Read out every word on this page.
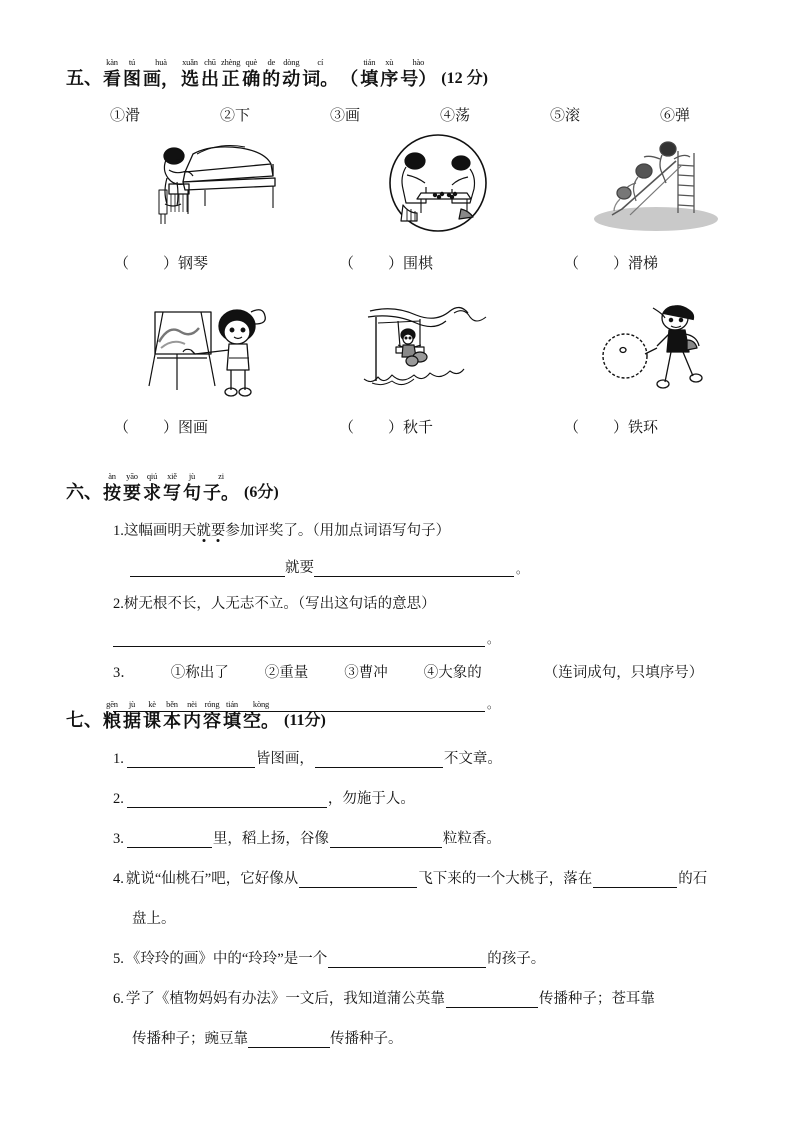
五、
kàn
看
tú
图
huà
画，
xuǎn
选
chū
出
zhèng
正
què
确
de
的
dòng
动
cí
词。 （
tián
填
xù
序
hào
号） (12 分)
①滑	②下	③画	④荡	⑤滚	⑥弹
（ ）钢琴	（ ）围棋	（ ）滑梯
（ ）图画	（ ）秋千	（ ）铁环
六、
àn
按
yāo
要
qiú
求
xiě
写
jù
句
zi
子。 (6分)
1.这幅画明天就要参加评奖了。（用加点词语写句子）
就要	。
2.树无根不长，人无志不立。（写出这句话的意思）
。
3． ①称出了 ②重量 ③曹冲 ④大象的	（连词成句，只填序号）
。
七、
gēn
粮
jù
据
kè
课
běn
本
nèi
内
róng
容
tián
填
kòng
空。 (11分)
1.	皆图画，	不文章。
2.	，勿施于人。
3.	里，稻上扬，谷像	粒粒香。
4. 就说“仙桃石”吧，它好像从	飞下来的一个大桃子，落在	的石
盘上。
5. 《玲玲的画》中的“玲玲”是一个	的孩子。
6. 学了《植物妈妈有办法》一文后，我知道蒲公英靠	传播种子；苍耳靠
传播种子；豌豆靠	传播种子。
